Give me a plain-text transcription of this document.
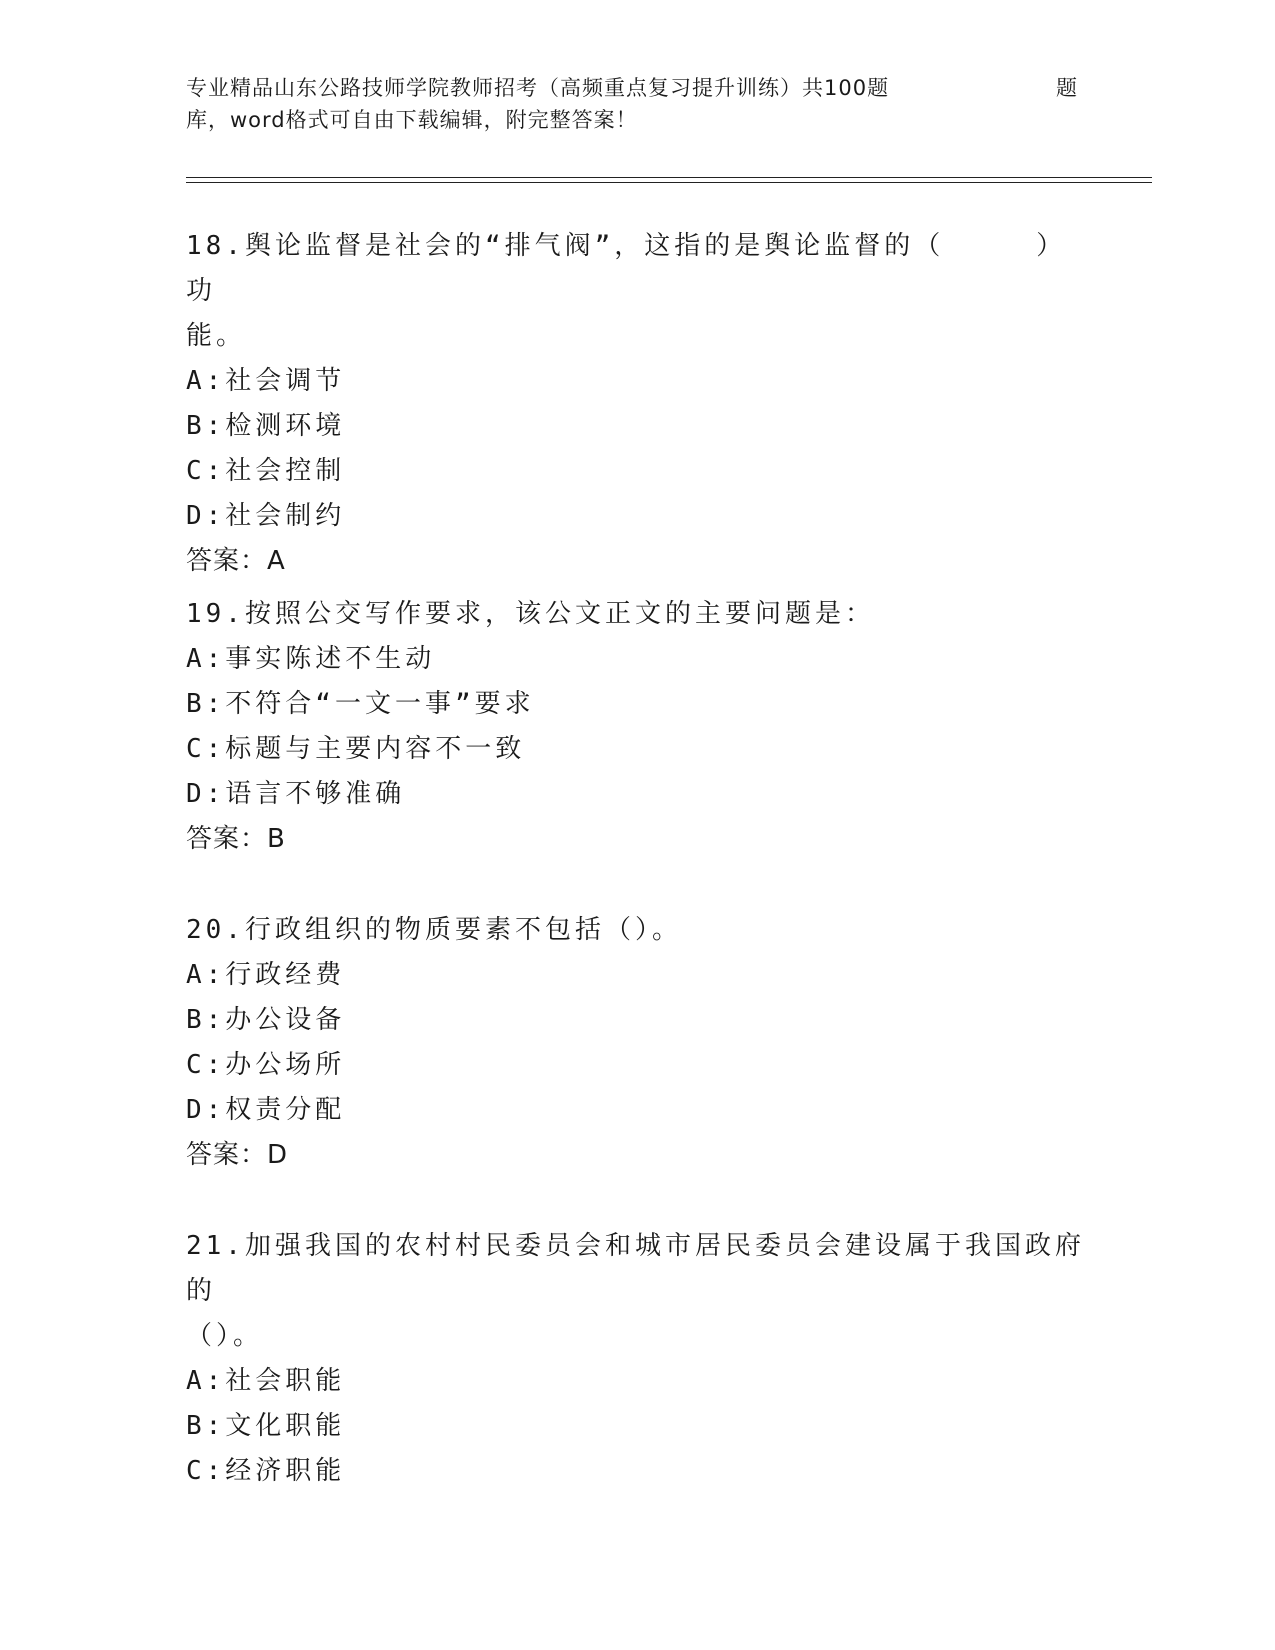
专业精品山东公路技师学院教师招考（高频重点复习提升训练）共100题	题
库，word格式可自由下载编辑，附完整答案！

18.舆论监督是社会的“排气阀”，这指的是舆论监督的（	）功

能。

A:社会调节

B:检测环境

C:社会控制

D:社会制约

答案：A

19.按照公交写作要求，该公文正文的主要问题是：

A:事实陈述不生动

B:不符合“一文一事”要求

C:标题与主要内容不一致

D:语言不够准确

答案：B

20.行政组织的物质要素不包括（）。

A:行政经费

B:办公设备

C:办公场所

D:权责分配

答案：D

21.加强我国的农村村民委员会和城市居民委员会建设属于我国政府的

（）。

A:社会职能

B:文化职能

C:经济职能
